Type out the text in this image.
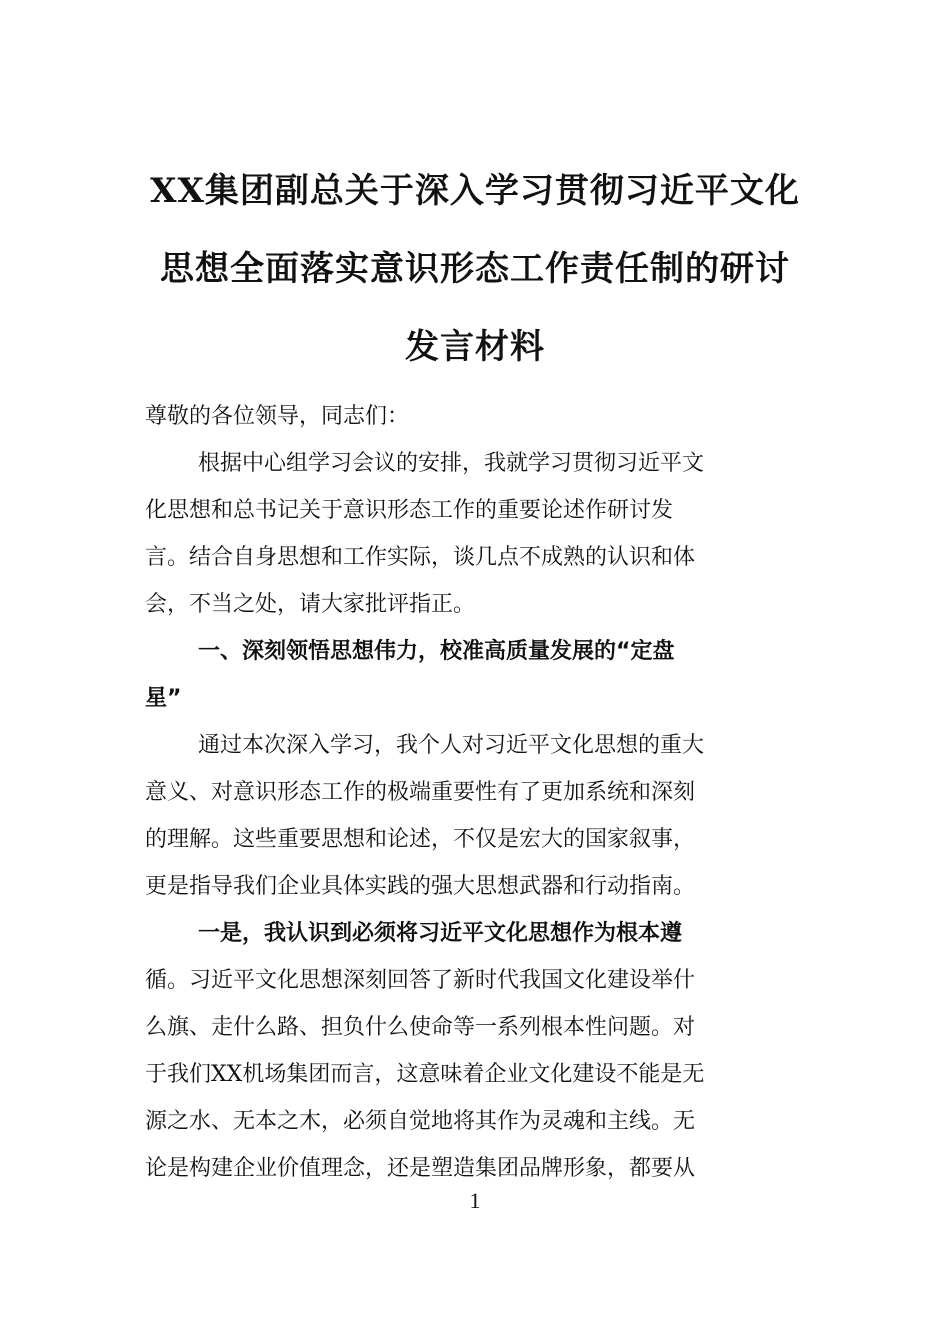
XX集团副总关于深入学习贯彻习近平文化
思想全面落实意识形态工作责任制的研讨
发言材料
尊敬的各位领导，同志们：
根据中心组学习会议的安排，我就学习贯彻习近平文
化思想和总书记关于意识形态工作的重要论述作研讨发
言。结合自身思想和工作实际，谈几点不成熟的认识和体
会，不当之处，请大家批评指正。
一、深刻领悟思想伟力，校准高质量发展的“定盘
星”
通过本次深入学习，我个人对习近平文化思想的重大
意义、对意识形态工作的极端重要性有了更加系统和深刻
的理解。这些重要思想和论述，不仅是宏大的国家叙事，
更是指导我们企业具体实践的强大思想武器和行动指南。
一是，我认识到必须将习近平文化思想作为根本遵
循。习近平文化思想深刻回答了新时代我国文化建设举什
么旗、走什么路、担负什么使命等一系列根本性问题。对
于我们XX机场集团而言，这意味着企业文化建设不能是无
源之水、无本之木，必须自觉地将其作为灵魂和主线。无
论是构建企业价值理念，还是塑造集团品牌形象，都要从
1
